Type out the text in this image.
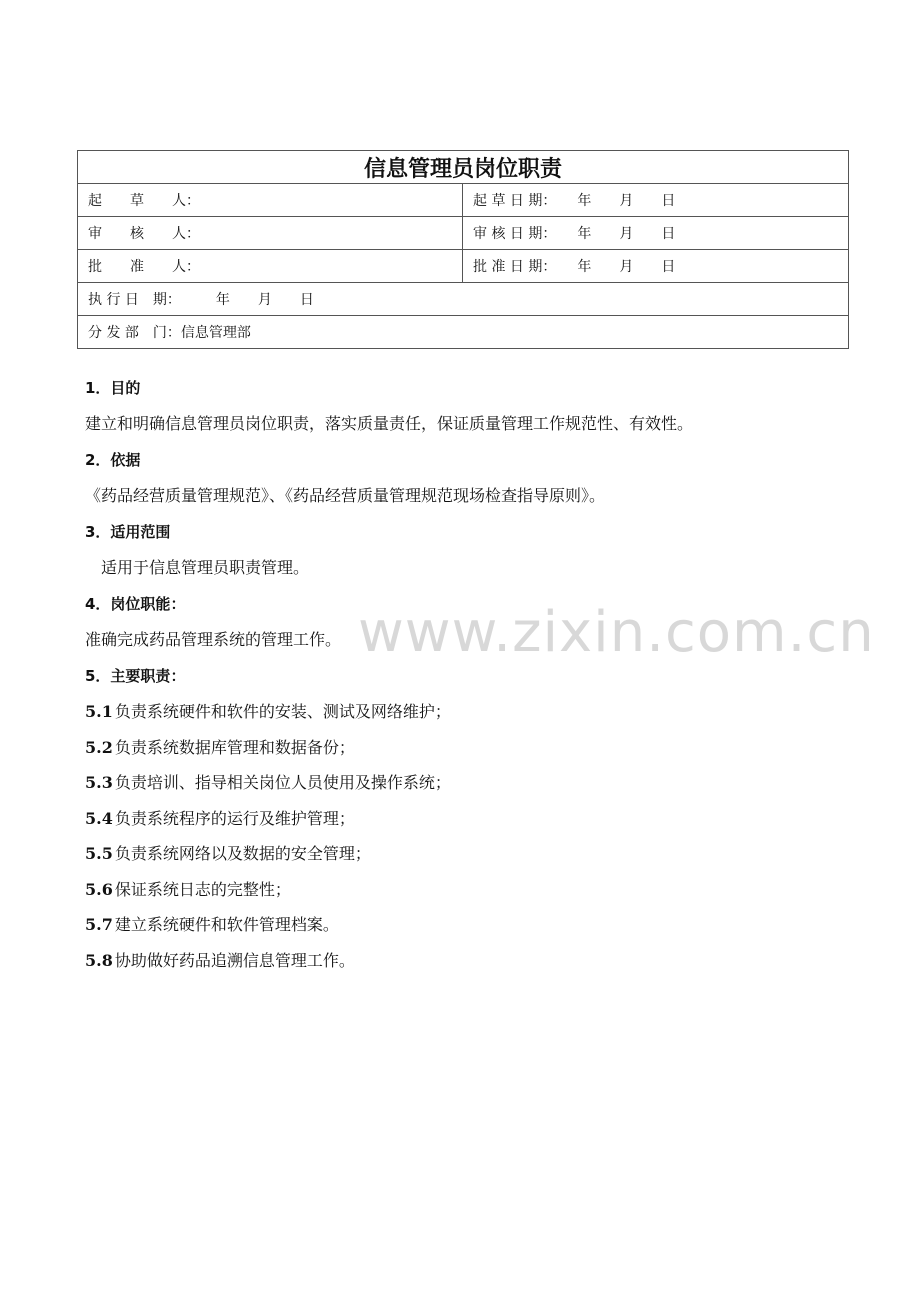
信息管理员岗位职责	
起　　草　　人：	起 草 日 期：　　年　　月　　日
审　　核　　人：	审 核 日 期：　　年　　月　　日
批　　准　　人：	批 准 日 期：　　年　　月　　日
执 行 日　期：　　　年　　月　　日	
分 发 部　门：信息管理部	
1．目的
建立和明确信息管理员岗位职责，落实质量责任，保证质量管理工作规范性、有效性。
2．依据
《药品经营质量管理规范》、《药品经营质量管理规范现场检查指导原则》。
3．适用范围
　适用于信息管理员职责管理。
4．岗位职能：
准确完成药品管理系统的管理工作。
5．主要职责：
5.1 负责系统硬件和软件的安装、测试及网络维护；
5.2 负责系统数据库管理和数据备份；
5.3 负责培训、指导相关岗位人员使用及操作系统；
5.4 负责系统程序的运行及维护管理；
5.5 负责系统网络以及数据的安全管理；
5.6 保证系统日志的完整性；
5.7 建立系统硬件和软件管理档案。
5.8 协助做好药品追溯信息管理工作。
www.zixin.com.cn
